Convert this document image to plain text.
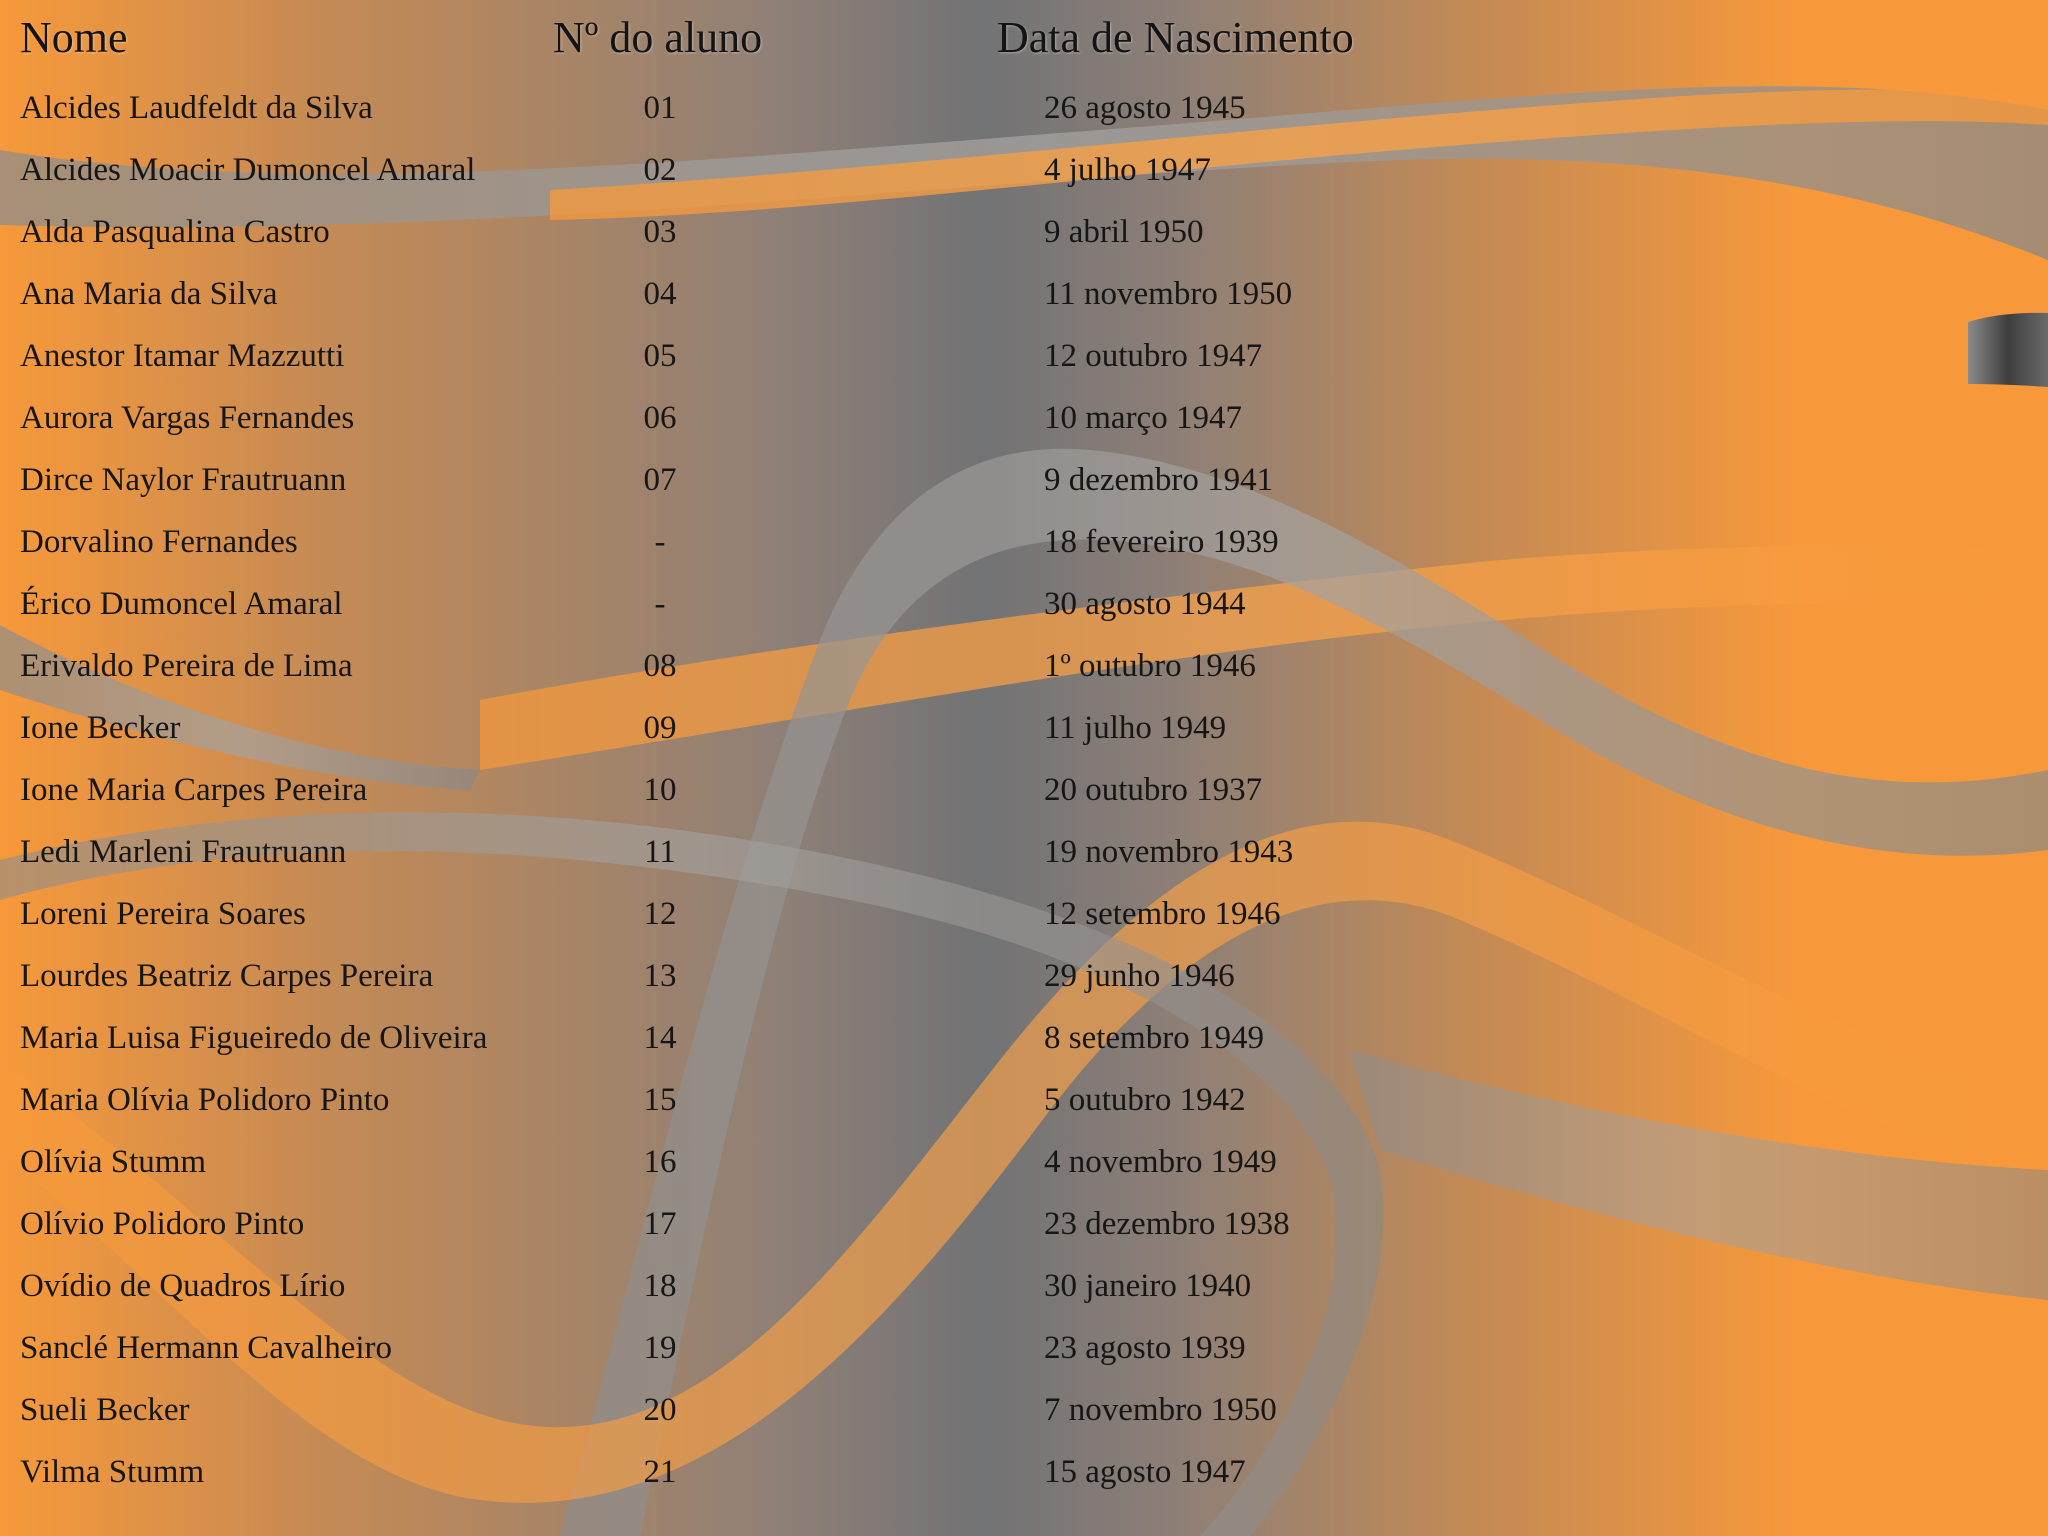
Nome	Nº do aluno	Data de Nascimento
Alcides Laudfeldt da Silva	01	26 agosto 1945
Alcides Moacir Dumoncel Amaral	02	4 julho 1947
Alda Pasqualina Castro	03	9 abril 1950
Ana Maria da Silva	04	11 novembro 1950
Anestor Itamar Mazzutti	05	12 outubro 1947
Aurora Vargas Fernandes	06	10 março 1947
Dirce Naylor Frautruann	07	9 dezembro 1941
Dorvalino Fernandes	-	18 fevereiro 1939
Érico Dumoncel Amaral	-	30 agosto 1944
Erivaldo Pereira de Lima	08	1º outubro 1946
Ione Becker	09	11 julho 1949
Ione Maria Carpes Pereira	10	20 outubro 1937
Ledi Marleni Frautruann	11	19 novembro 1943
Loreni Pereira Soares	12	12 setembro 1946
Lourdes Beatriz Carpes Pereira	13	29 junho 1946
Maria Luisa Figueiredo de Oliveira	14	8 setembro 1949
Maria Olívia Polidoro Pinto	15	5 outubro 1942
Olívia Stumm	16	4 novembro 1949
Olívio Polidoro Pinto	17	23 dezembro 1938
Ovídio de Quadros Lírio	18	30 janeiro 1940
Sanclé Hermann Cavalheiro	19	23 agosto 1939
Sueli Becker	20	7 novembro 1950
Vilma Stumm	21	15 agosto 1947
